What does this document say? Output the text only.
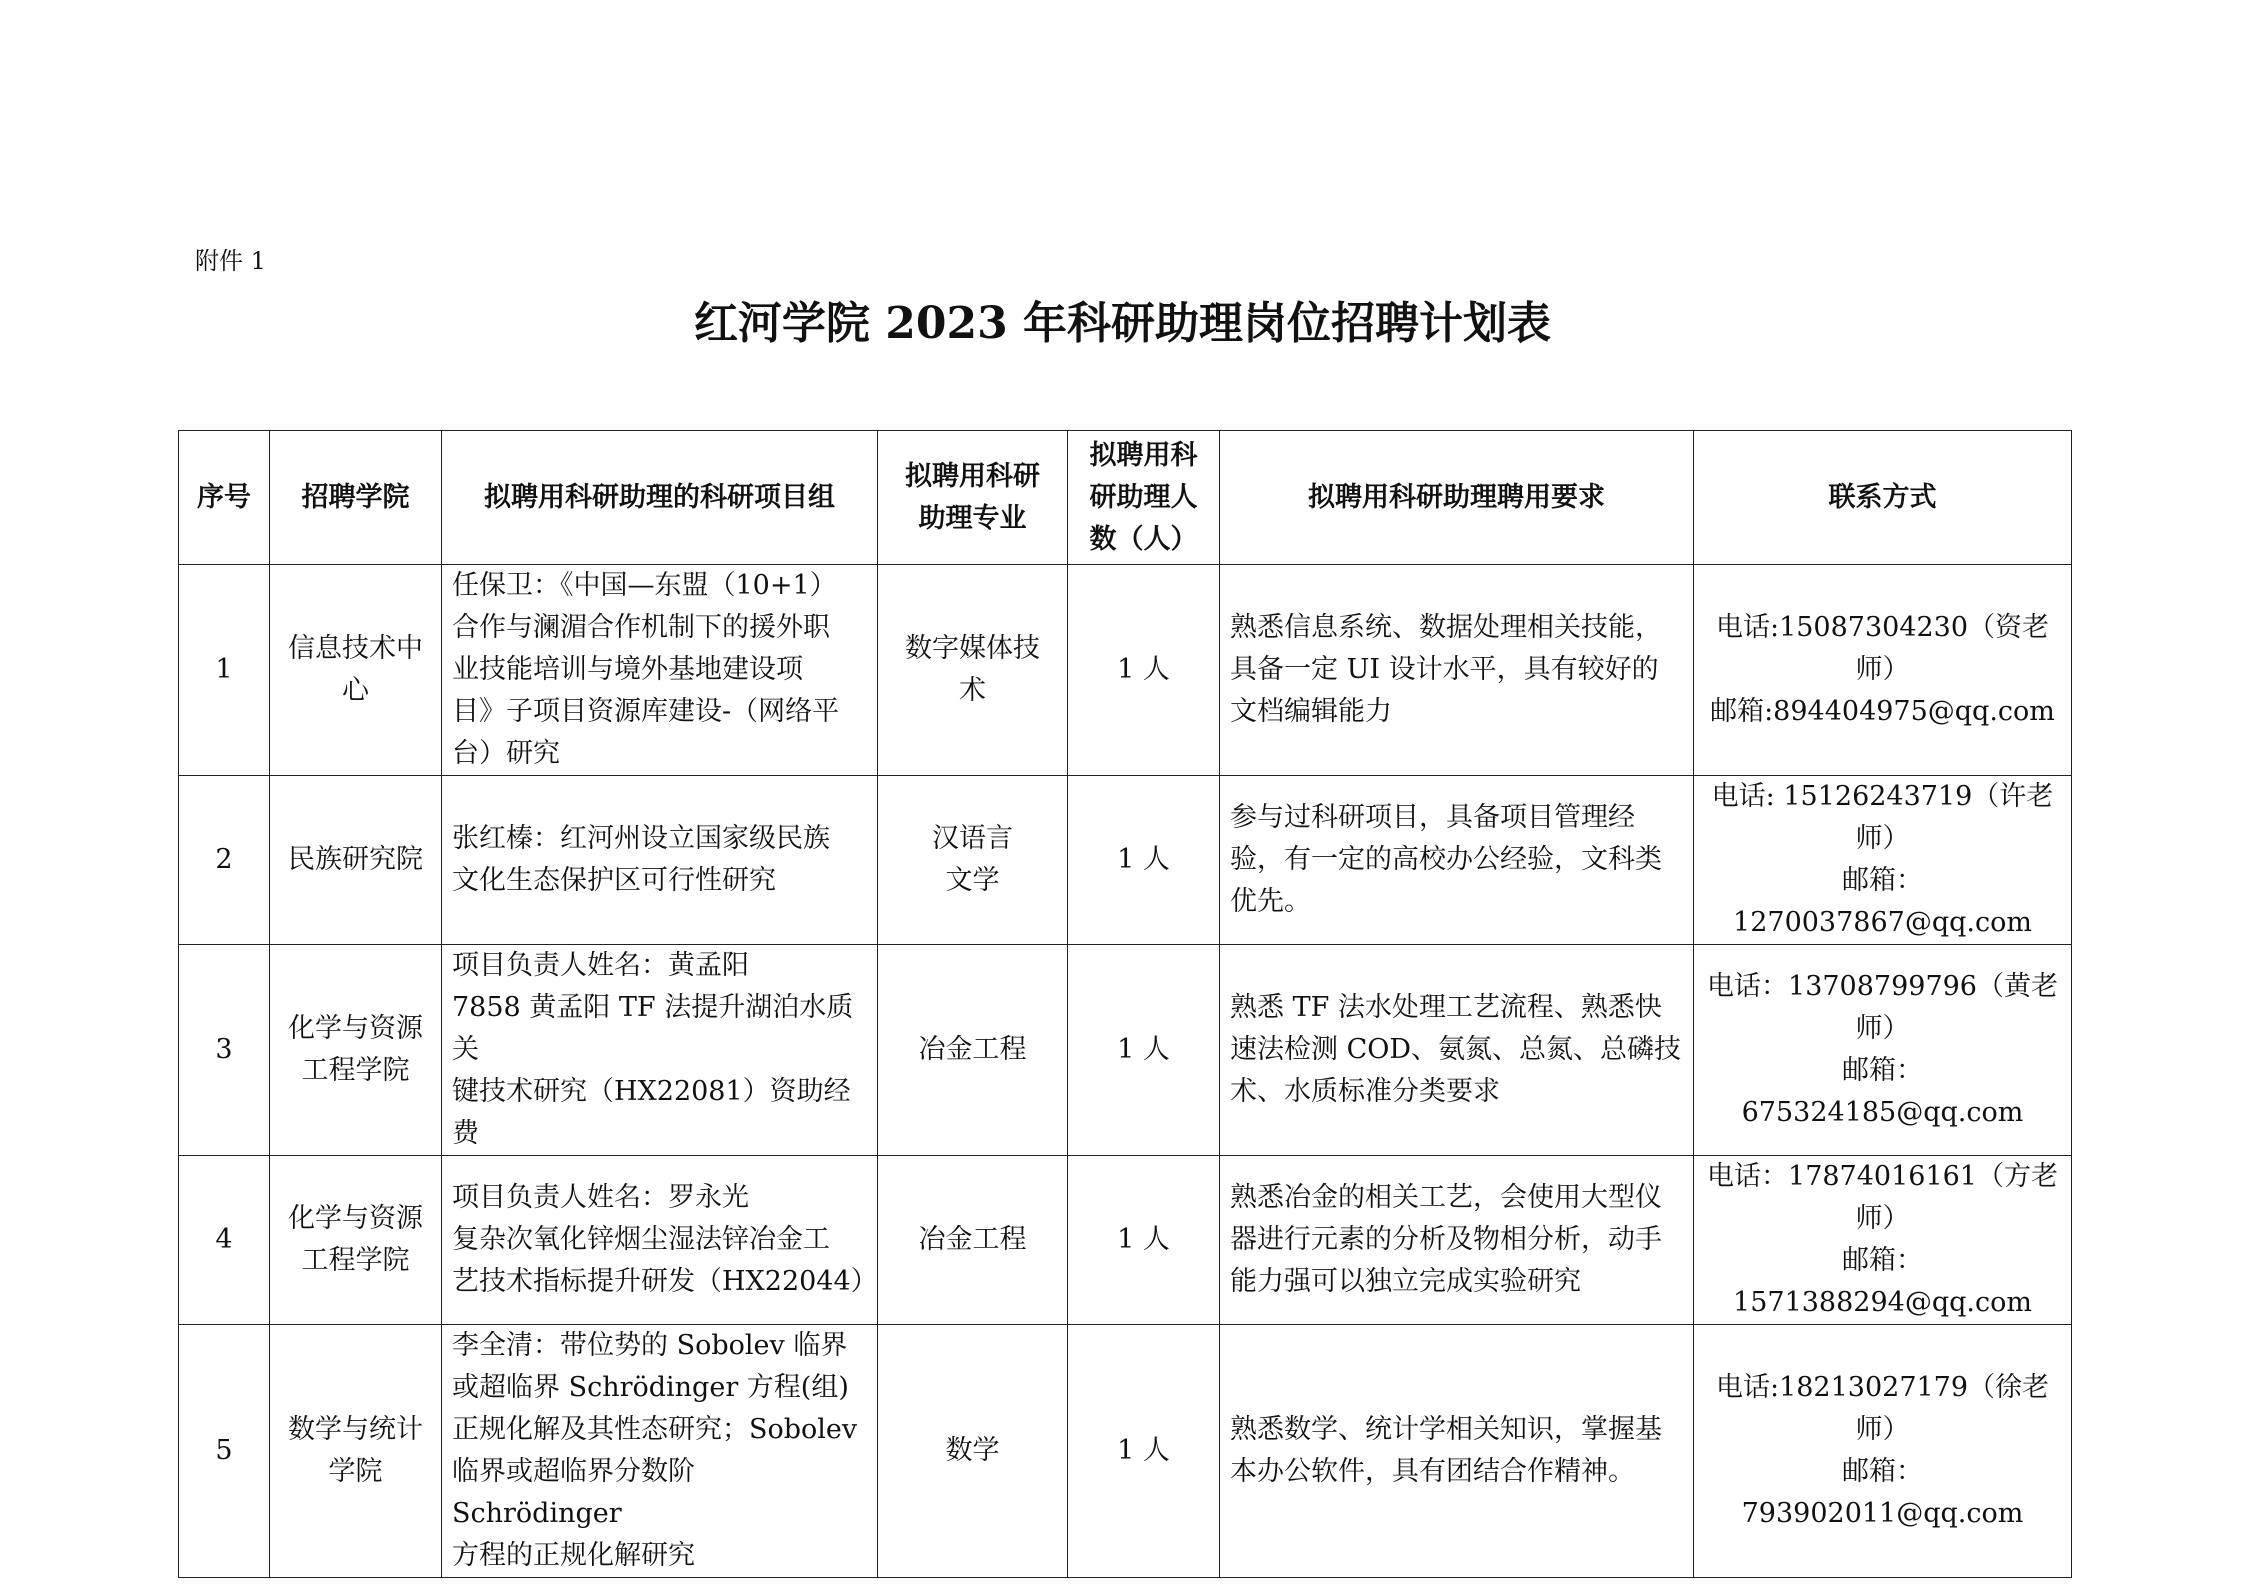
附件 1
红河学院 2023 年科研助理岗位招聘计划表
序号	招聘学院	拟聘用科研助理的科研项目组	拟聘用科研
助理专业	拟聘用科
研助理人
数（人）	拟聘用科研助理聘用要求	联系方式
1	信息技术中
心	任保卫：《中国—东盟（10+1）
合作与澜湄合作机制下的援外职
业技能培训与境外基地建设项
目》子项目资源库建设-（网络平
台）研究	数字媒体技
术	1 人	熟悉信息系统、数据处理相关技能，
具备一定 UI 设计水平，具有较好的
文档编辑能力	电话:15087304230（资老师）
邮箱:894404975@qq.com

2	民族研究院	张红榛：红河州设立国家级民族
文化生态保护区可行性研究	汉语言
文学	1 人	参与过科研项目，具备项目管理经
验，有一定的高校办公经验，文科类
优先。	电话: 15126243719（许老师）
邮箱：1270037867@qq.com

3	化学与资源
工程学院	项目负责人姓名：黄孟阳
7858 黄孟阳 TF 法提升湖泊水质关
键技术研究（HX22081）资助经费	冶金工程	1 人	熟悉 TF 法水处理工艺流程、熟悉快
速法检测 COD、氨氮、总氮、总磷技
术、水质标准分类要求	电话：13708799796（黄老师）
邮箱：675324185@qq.com

4	化学与资源
工程学院	项目负责人姓名：罗永光
复杂次氧化锌烟尘湿法锌冶金工
艺技术指标提升研发（HX22044）	冶金工程	1 人	熟悉冶金的相关工艺，会使用大型仪
器进行元素的分析及物相分析，动手
能力强可以独立完成实验研究	电话：17874016161（方老师）
邮箱：1571388294@qq.com

5	数学与统计
学院	李全清：带位势的 Sobolev 临界
或超临界 Schrödinger 方程(组)
正规化解及其性态研究；Sobolev
临界或超临界分数阶 Schrödinger
方程的正规化解研究	数学	1 人	熟悉数学、统计学相关知识，掌握基
本办公软件，具有团结合作精神。	电话:18213027179（徐老师）
邮箱：793902011@qq.com
